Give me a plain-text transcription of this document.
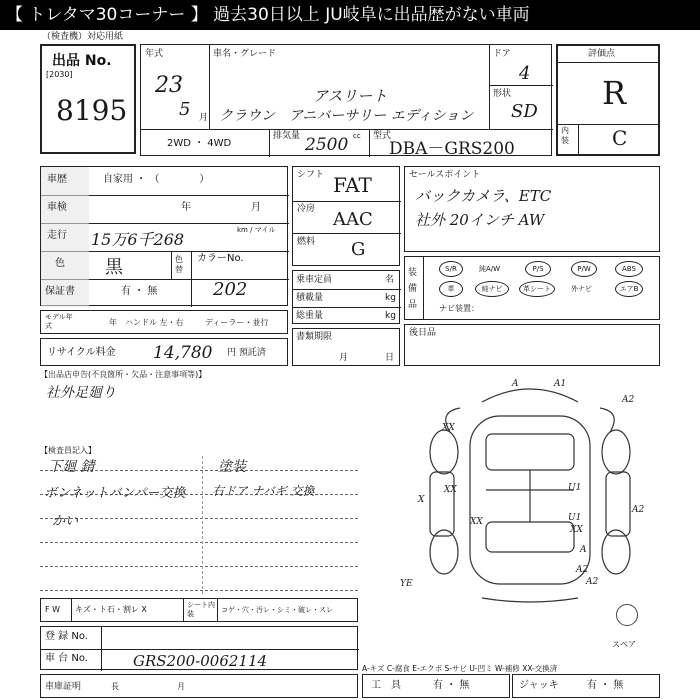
【 トレタマ30コーナー 】 過去30日以上 JU岐阜に出品歴がない車両
（検査機）対応用紙
出品 No.
[2030]
8195
年式
23
5 月
車名・グレード
アスリート
クラウン　アニバーサリー エディション
ドア
4
形状
SD
2WD ・ 4WD
排気量 2500 cc 型式
DBA－GRS200
評価点
R
内装 C
車歴	自家用 ・ （　　　　）
車検	年	月
走行 15万6千268	km / マイル
色 黒	色替
カラーNo.
保証書	有 ・ 無	202
モデル年式	年 ハンドル 左・右	ディーラー・並行
リサイクル料金 14,780 円 預託済
シフト FAT
冷房 AAC
燃料 G
乗車定員	名
積載量	kg
総重量	kg
書類期限
月	日
セールスポイント
バックカメラ、ETC
社外 20インチ AW
装備品
S/R	純A/W	P/S	P/W	ABS
革	純ナビ	革シート	外ナビ	エアB
ナビ装置：
後日品
【出品店申告(不良箇所・欠品・注意事項等)】
社外足廻り
【検査員記入】
下廻 錆
ボンネットバンパー交換
かい
塗装
右ドア ナバギ 交換
A	A1
U1
U1
XX
XX
XX
A2
A2
XX
X
A
A2
A2
YE
スペア
F W キズ・ト石・割レ X	シート内装	コゲ・穴・汚レ・シミ・破レ・スレ
登 録 No.
車 台 No.	GRS200-0062114
車庫証明	長	月
A-キズ C-腐食 E-エクボ S-サビ U-凹ミ W-補修 XX-交換済
工　具	有 ・ 無	ジャッキ	有 ・ 無
